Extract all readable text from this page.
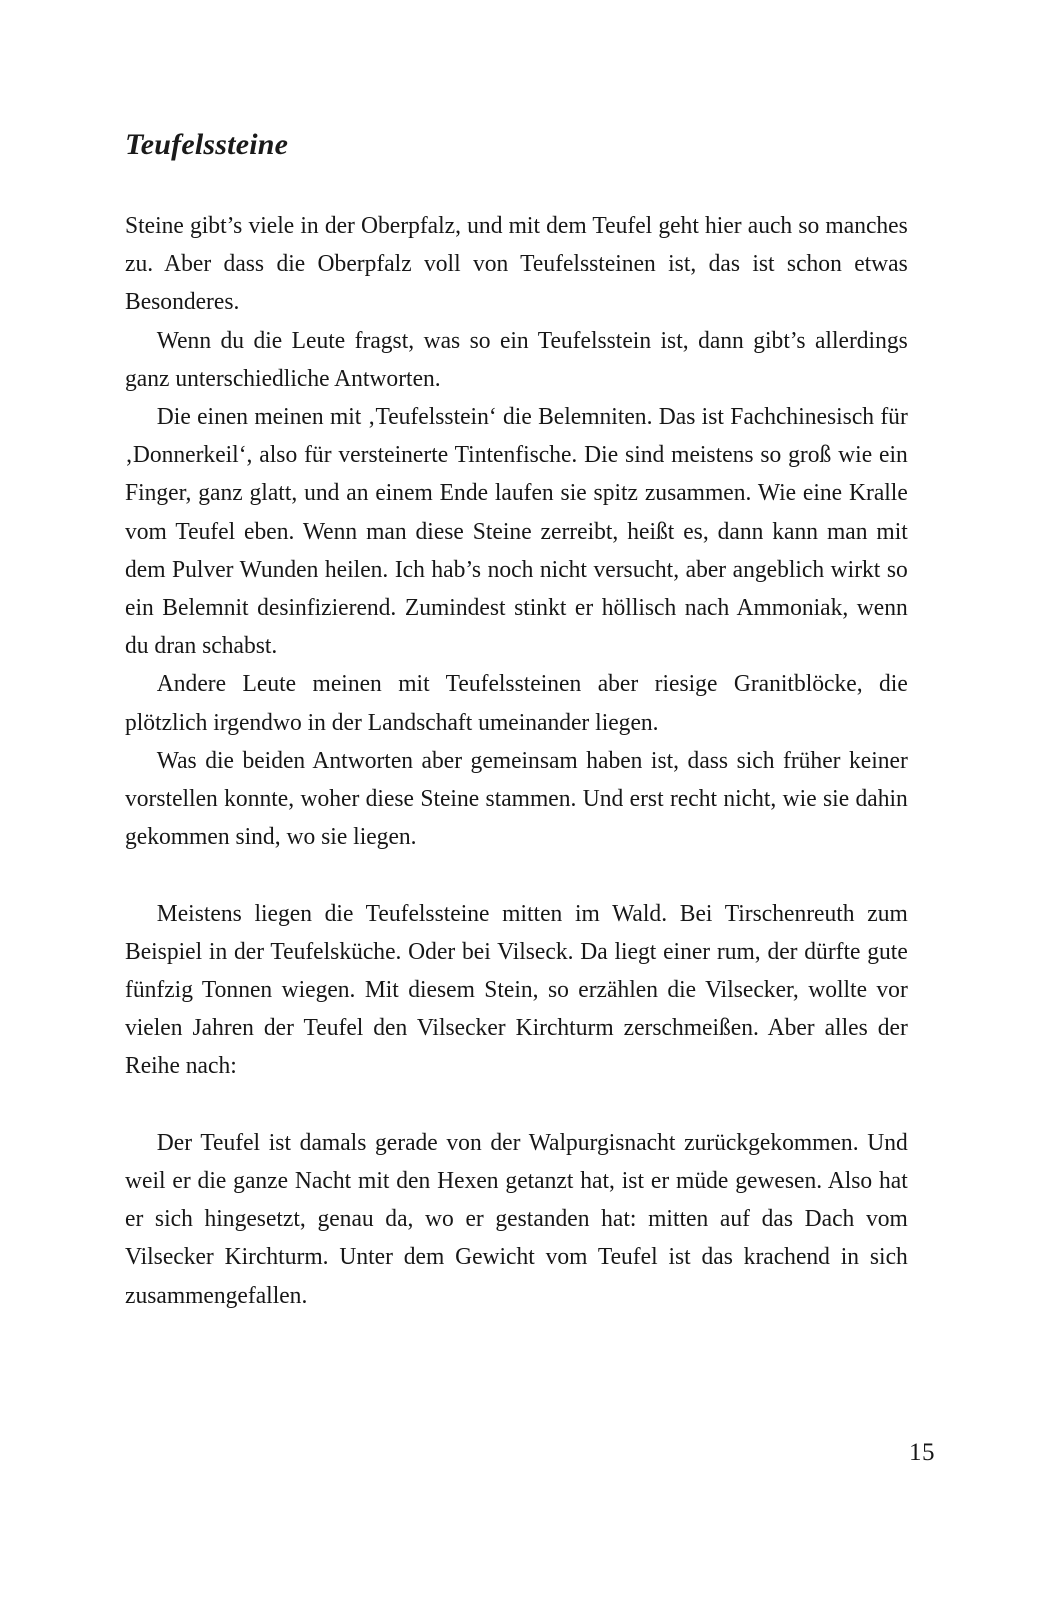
Teufelssteine

Steine gibt’s viele in der Oberpfalz, und mit dem Teufel geht hier auch so manches zu. Aber dass die Oberpfalz voll von Teufelssteinen ist, das ist schon etwas Besonderes.

Wenn du die Leute fragst, was so ein Teufelsstein ist, dann gibt’s allerdings ganz unterschiedliche Antworten.

Die einen meinen mit ‚Teufelsstein‘ die Belemniten. Das ist Fachchinesisch für ‚Donnerkeil‘, also für versteinerte Tintenfische. Die sind meistens so groß wie ein Finger, ganz glatt, und an einem Ende laufen sie spitz zusammen. Wie eine Kralle vom Teufel eben. Wenn man diese Steine zerreibt, heißt es, dann kann man mit dem Pulver Wunden heilen. Ich hab’s noch nicht versucht, aber angeblich wirkt so ein Belemnit desinfizierend. Zumindest stinkt er höllisch nach Ammoniak, wenn du dran schabst.

Andere Leute meinen mit Teufelssteinen aber riesige Granitblöcke, die plötzlich irgendwo in der Landschaft umeinander liegen.

Was die beiden Antworten aber gemeinsam haben ist, dass sich früher keiner vorstellen konnte, woher diese Steine stammen. Und erst recht nicht, wie sie dahin gekommen sind, wo sie liegen.

Meistens liegen die Teufelssteine mitten im Wald. Bei Tirschenreuth zum Beispiel in der Teufelsküche. Oder bei Vilseck. Da liegt einer rum, der dürfte gute fünfzig Tonnen wiegen. Mit diesem Stein, so erzählen die Vilsecker, wollte vor vielen Jahren der Teufel den Vilsecker Kirchturm zerschmeißen. Aber alles der Reihe nach:

Der Teufel ist damals gerade von der Walpurgisnacht zurückgekommen. Und weil er die ganze Nacht mit den Hexen getanzt hat, ist er müde gewesen. Also hat er sich hingesetzt, genau da, wo er gestanden hat: mitten auf das Dach vom Vilsecker Kirchturm. Unter dem Gewicht vom Teufel ist das krachend in sich zusammengefallen.

15
